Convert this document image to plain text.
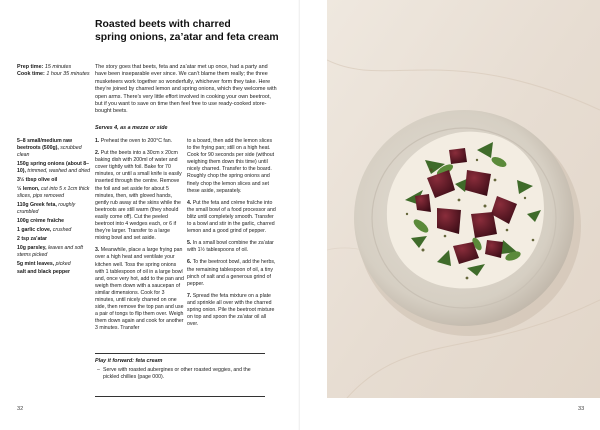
Roasted beets with charred
spring onions, za’atar and feta cream
Prep time: 15 minutes
Cook time: 1 hour 35 minutes

The story goes that beets, feta and za’atar met up once, had a party and have been inseparable ever since. We can’t blame them really; the three musketeers work together so wonderfully, whichever form they take. Here they’re joined by charred lemon and spring onions, which they welcome with open arms. There’s very little effort involved in cooking your own beetroot, but if you want to save on time then feel free to use ready-cooked store-bought beets.

Serves 4, as a mezze or side

5–8 small/medium raw beetroots (500g), scrubbed clean
150g spring onions (about 8–10), trimmed, washed and dried
3½ tbsp olive oil
½ lemon, cut into 5 x 1cm thick slices, pips removed
110g Greek feta, roughly crumbled
100g crème fraîche
1 garlic clove, crushed
2 tsp za’atar
10g parsley, leaves and soft stems picked
5g mint leaves, picked
salt and black pepper

1. Preheat the oven to 200°C fan.

2. Put the beets into a 30cm x 20cm baking dish with 200ml of water and cover tightly with foil. Bake for 70 minutes, or until a small knife is easily inserted through the centre. Remove the foil and set aside for about 5 minutes, then, with gloved hands, gently rub away at the skins while the beetroots are still warm (they should easily come off). Cut the peeled beetroot into 4 wedges each, or 6 if they’re larger. Transfer to a large mixing bowl and set aside.

3. Meanwhile, place a large frying pan over a high heat and ventilate your kitchen well. Toss the spring onions with 1 tablespoon of oil in a large bowl and, once very hot, add to the pan and weigh them down with a saucepan of similar dimensions. Cook for 3 minutes, until nicely charred on one side, then remove the top pan and use a pair of tongs to flip them over. Weigh them down again and cook for another 3 minutes. Transfer

to a board, then add the lemon slices to the frying pan; still on a high heat. Cook for 90 seconds per side (without weighing them down this time) until nicely charred. Transfer to the board. Roughly chop the spring onions and finely chop the lemon slices and set these aside, separately.

4. Put the feta and crème fraîche into the small bowl of a food processor and blitz until completely smooth. Transfer to a bowl and stir in the garlic, charred lemon and a good grind of pepper.

5. In a small bowl combine the za’atar with 1½ tablespoons of oil.

6. To the beetroot bowl, add the herbs, the remaining tablespoon of oil, a tiny pinch of salt and a generous grind of pepper.

7. Spread the feta mixture on a plate and sprinkle all over with the charred spring onion. Pile the beetroot mixture on top and spoon the za’atar oil all over.

Play it forward: feta cream
– Serve with roasted aubergines or other roasted veggies, and the pickled chillies (page 000).
32	33
